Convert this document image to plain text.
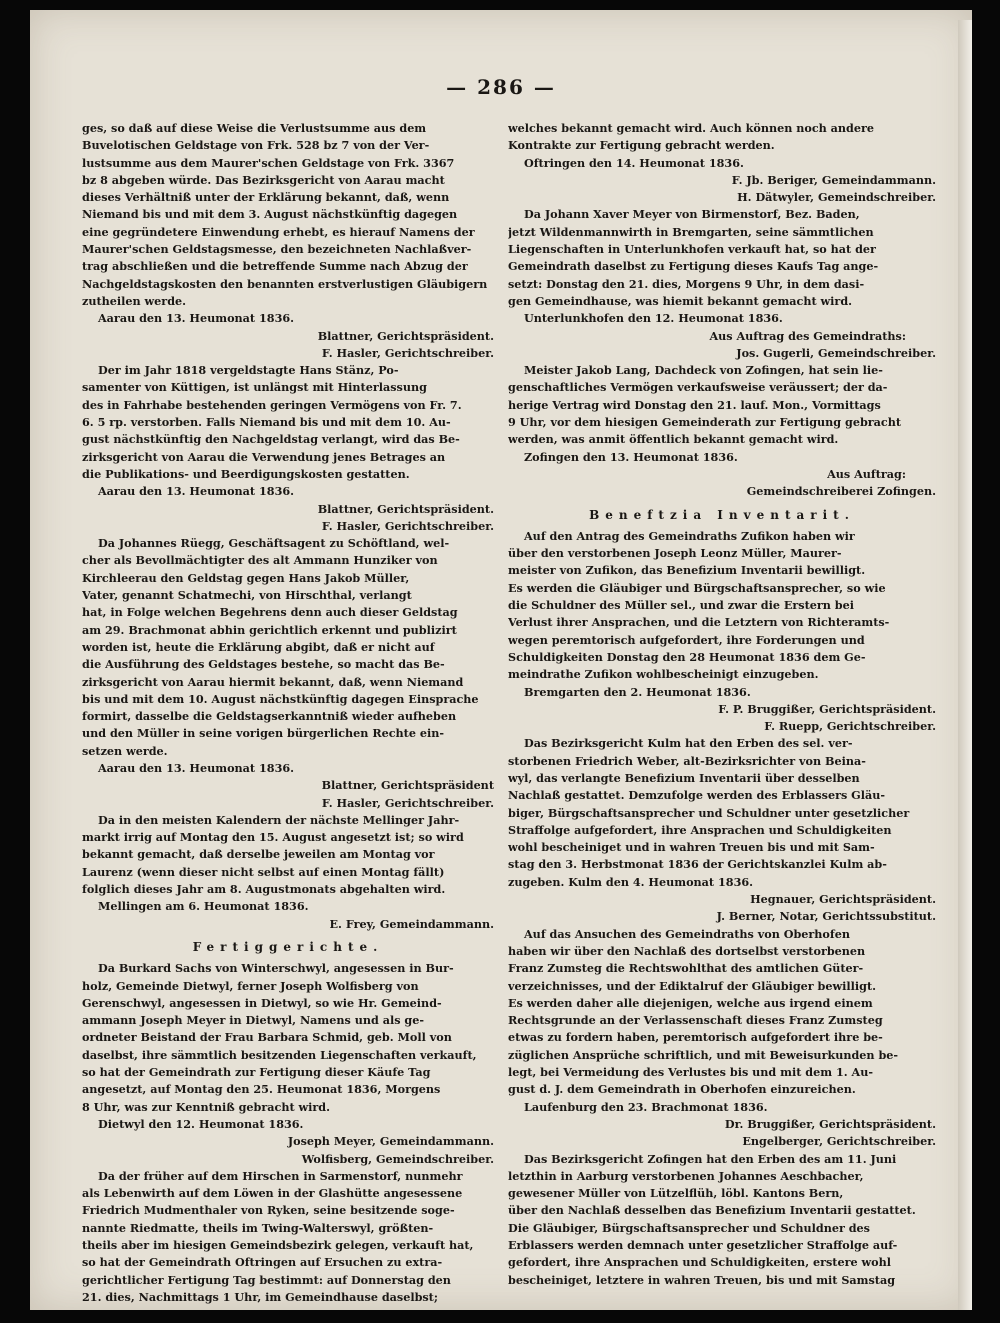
— 286 —
ges, so daß auf diese Weise die Verlustsumme aus dem
Buvelotischen Geldstage von Frk. 528 bz 7 von der Ver-
lustsumme aus dem Maurer'schen Geldstage von Frk. 3367
bz 8 abgeben würde. Das Bezirksgericht von Aarau macht
dieses Verhältniß unter der Erklärung bekannt, daß, wenn
Niemand bis und mit dem 3. August nächstkünftig dagegen
eine gegründetere Einwendung erhebt, es hierauf Namens der
Maurer'schen Geldstagsmesse, den bezeichneten Nachlaßver-
trag abschließen und die betreffende Summe nach Abzug der
Nachgeldstagskosten den benannten erstverlustigen Gläubigern
zutheilen werde.
Aarau den 13. Heumonat 1836.
Blattner, Gerichtspräsident.
F. Hasler, Gerichtschreiber.
Der im Jahr 1818 vergeldstagte Hans Stänz, Po-
samenter von Küttigen, ist unlängst mit Hinterlassung
des in Fahrhabe bestehenden geringen Vermögens von Fr. 7.
6. 5 rp. verstorben. Falls Niemand bis und mit dem 10. Au-
gust nächstkünftig den Nachgeldstag verlangt, wird das Be-
zirksgericht von Aarau die Verwendung jenes Betrages an
die Publikations- und Beerdigungskosten gestatten.
Aarau den 13. Heumonat 1836.
Blattner, Gerichtspräsident.
F. Hasler, Gerichtschreiber.
Da Johannes Rüegg, Geschäftsagent zu Schöftland, wel-
cher als Bevollmächtigter des alt Ammann Hunziker von
Kirchleerau den Geldstag gegen Hans Jakob Müller,
Vater, genannt Schatmechi, von Hirschthal, verlangt
hat, in Folge welchen Begehrens denn auch dieser Geldstag
am 29. Brachmonat abhin gerichtlich erkennt und publizirt
worden ist, heute die Erklärung abgibt, daß er nicht auf
die Ausführung des Geldstages bestehe, so macht das Be-
zirksgericht von Aarau hiermit bekannt, daß, wenn Niemand
bis und mit dem 10. August nächstkünftig dagegen Einsprache
formirt, dasselbe die Geldstagserkanntniß wieder aufheben
und den Müller in seine vorigen bürgerlichen Rechte ein-
setzen werde.
Aarau den 13. Heumonat 1836.
Blattner, Gerichtspräsident
F. Hasler, Gerichtschreiber.
Da in den meisten Kalendern der nächste Mellinger Jahr-
markt irrig auf Montag den 15. August angesetzt ist; so wird
bekannt gemacht, daß derselbe jeweilen am Montag vor
Laurenz (wenn dieser nicht selbst auf einen Montag fällt)
folglich dieses Jahr am 8. Augustmonats abgehalten wird.
Mellingen am 6. Heumonat 1836.
E. Frey, Gemeindammann.
Fertiggerichte.
Da Burkard Sachs von Winterschwyl, angesessen in Bur-
holz, Gemeinde Dietwyl, ferner Joseph Wolfisberg von
Gerenschwyl, angesessen in Dietwyl, so wie Hr. Gemeind-
ammann Joseph Meyer in Dietwyl, Namens und als ge-
ordneter Beistand der Frau Barbara Schmid, geb. Moll von
daselbst, ihre sämmtlich besitzenden Liegenschaften verkauft,
so hat der Gemeindrath zur Fertigung dieser Käufe Tag
angesetzt, auf Montag den 25. Heumonat 1836, Morgens
8 Uhr, was zur Kenntniß gebracht wird.
Dietwyl den 12. Heumonat 1836.
Joseph Meyer, Gemeindammann.
Wolfisberg, Gemeindschreiber.
Da der früher auf dem Hirschen in Sarmenstorf, nunmehr
als Lebenwirth auf dem Löwen in der Glashütte angesessene
Friedrich Mudmenthaler von Ryken, seine besitzende soge-
nannte Riedmatte, theils im Twing-Walterswyl, größten-
theils aber im hiesigen Gemeindsbezirk gelegen, verkauft hat,
so hat der Gemeindrath Oftringen auf Ersuchen zu extra-
gerichtlicher Fertigung Tag bestimmt: auf Donnerstag den
21. dies, Nachmittags 1 Uhr, im Gemeindhause daselbst;
welches bekannt gemacht wird. Auch können noch andere
Kontrakte zur Fertigung gebracht werden.
Oftringen den 14. Heumonat 1836.
F. Jb. Beriger, Gemeindammann.
H. Dätwyler, Gemeindschreiber.
Da Johann Xaver Meyer von Birmenstorf, Bez. Baden,
jetzt Wildenmannwirth in Bremgarten, seine sämmtlichen
Liegenschaften in Unterlunkhofen verkauft hat, so hat der
Gemeindrath daselbst zu Fertigung dieses Kaufs Tag ange-
setzt: Donstag den 21. dies, Morgens 9 Uhr, in dem dasi-
gen Gemeindhause, was hiemit bekannt gemacht wird.
Unterlunkhofen den 12. Heumonat 1836.
Aus Auftrag des Gemeindraths:
Jos. Gugerli, Gemeindschreiber.
Meister Jakob Lang, Dachdeck von Zofingen, hat sein lie-
genschaftliches Vermögen verkaufsweise veräussert; der da-
herige Vertrag wird Donstag den 21. lauf. Mon., Vormittags
9 Uhr, vor dem hiesigen Gemeinderath zur Fertigung gebracht
werden, was anmit öffentlich bekannt gemacht wird.
Zofingen den 13. Heumonat 1836.
Aus Auftrag:
Gemeindschreiberei Zofingen.
Beneftzia Inventarit.
Auf den Antrag des Gemeindraths Zufikon haben wir
über den verstorbenen Joseph Leonz Müller, Maurer-
meister von Zufikon, das Benefizium Inventarii bewilligt.
Es werden die Gläubiger und Bürgschaftsansprecher, so wie
die Schuldner des Müller sel., und zwar die Erstern bei
Verlust ihrer Ansprachen, und die Letztern von Richteramts-
wegen peremtorisch aufgefordert, ihre Forderungen und
Schuldigkeiten Donstag den 28 Heumonat 1836 dem Ge-
meindrathe Zufikon wohlbescheinigt einzugeben.
Bremgarten den 2. Heumonat 1836.
F. P. Bruggißer, Gerichtspräsident.
F. Ruepp, Gerichtschreiber.
Das Bezirksgericht Kulm hat den Erben des sel. ver-
storbenen Friedrich Weber, alt-Bezirksrichter von Beina-
wyl, das verlangte Benefizium Inventarii über desselben
Nachlaß gestattet. Demzufolge werden des Erblassers Gläu-
biger, Bürgschaftsansprecher und Schuldner unter gesetzlicher
Straffolge aufgefordert, ihre Ansprachen und Schuldigkeiten
wohl bescheiniget und in wahren Treuen bis und mit Sam-
stag den 3. Herbstmonat 1836 der Gerichtskanzlei Kulm ab-
zugeben. Kulm den 4. Heumonat 1836.
Hegnauer, Gerichtspräsident.
J. Berner, Notar, Gerichtssubstitut.
Auf das Ansuchen des Gemeindraths von Oberhofen
haben wir über den Nachlaß des dortselbst verstorbenen
Franz Zumsteg die Rechtswohlthat des amtlichen Güter-
verzeichnisses, und der Ediktalruf der Gläubiger bewilligt.
Es werden daher alle diejenigen, welche aus irgend einem
Rechtsgrunde an der Verlassenschaft dieses Franz Zumsteg
etwas zu fordern haben, peremtorisch aufgefordert ihre be-
züglichen Ansprüche schriftlich, und mit Beweisurkunden be-
legt, bei Vermeidung des Verlustes bis und mit dem 1. Au-
gust d. J. dem Gemeindrath in Oberhofen einzureichen.
Laufenburg den 23. Brachmonat 1836.
Dr. Bruggißer, Gerichtspräsident.
Engelberger, Gerichtschreiber.
Das Bezirksgericht Zofingen hat den Erben des am 11. Juni
letzthin in Aarburg verstorbenen Johannes Aeschbacher,
gewesener Müller von Lützelflüh, löbl. Kantons Bern,
über den Nachlaß desselben das Benefizium Inventarii gestattet.
Die Gläubiger, Bürgschaftsansprecher und Schuldner des
Erblassers werden demnach unter gesetzlicher Straffolge auf-
gefordert, ihre Ansprachen und Schuldigkeiten, erstere wohl
bescheiniget, letztere in wahren Treuen, bis und mit Samstag
